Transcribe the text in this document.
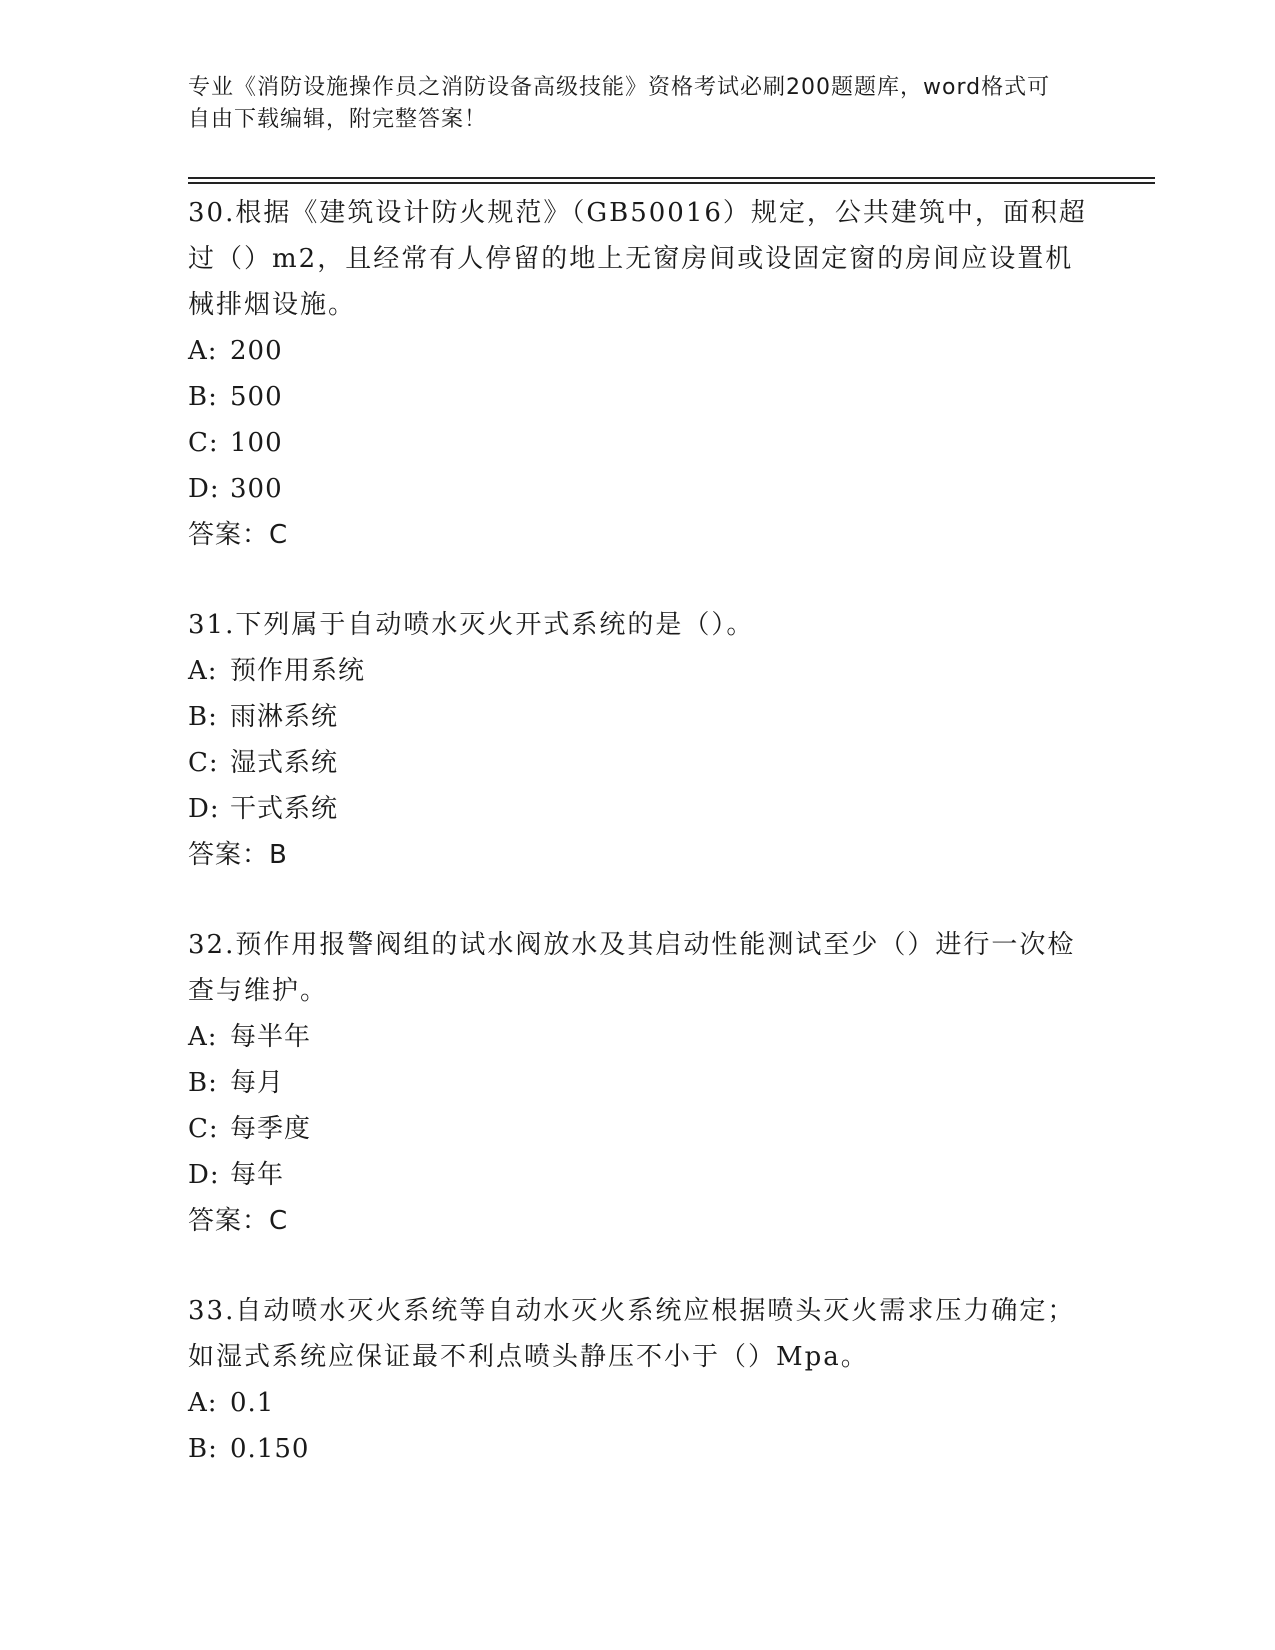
专业《消防设施操作员之消防设备高级技能》资格考试必刷200题题库，word格式可自由下载编辑，附完整答案！

30.根据《建筑设计防火规范》（GB50016）规定，公共建筑中，面积超过（）m2，且经常有人停留的地上无窗房间或设固定窗的房间应设置机械排烟设施。

A: 200
B: 500
C: 100
D: 300
答案：C

31.下列属于自动喷水灭火开式系统的是（）。

A: 预作用系统
B: 雨淋系统
C: 湿式系统
D: 干式系统
答案：B

32.预作用报警阀组的试水阀放水及其启动性能测试至少（）进行一次检查与维护。

A: 每半年
B: 每月
C: 每季度
D: 每年
答案：C

33.自动喷水灭火系统等自动水灭火系统应根据喷头灭火需求压力确定；如湿式系统应保证最不利点喷头静压不小于（）Mpa。

A: 0.1
B: 0.150
